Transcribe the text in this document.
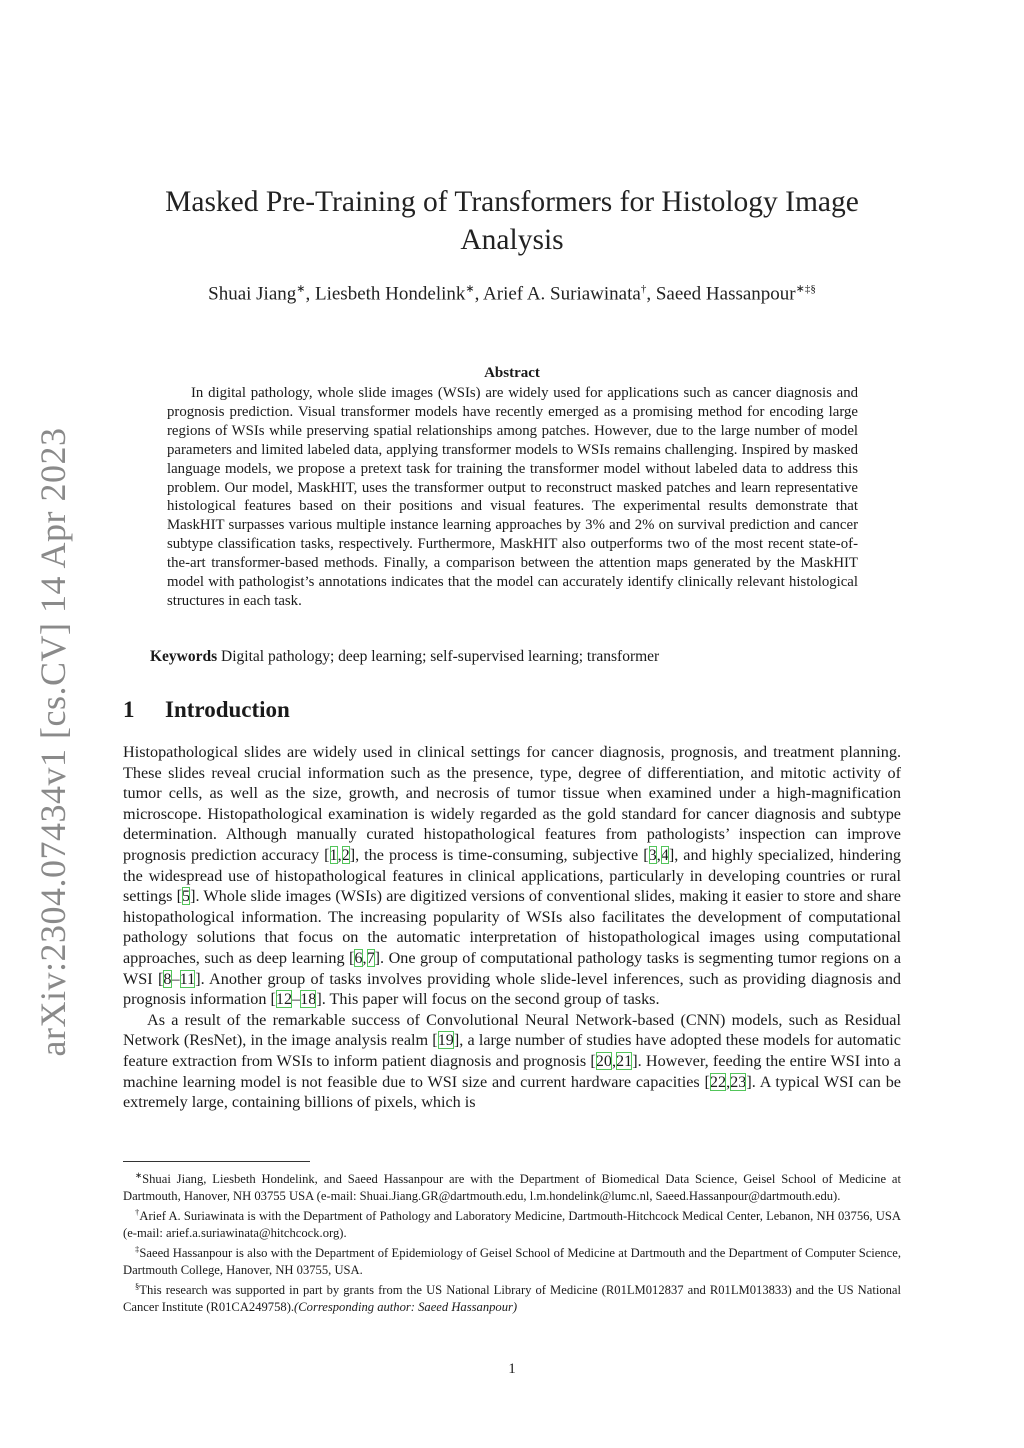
arXiv:2304.07434v1 [cs.CV] 14 Apr 2023
Masked Pre-Training of Transformers for Histology Image Analysis
Shuai Jiang∗, Liesbeth Hondelink∗, Arief A. Suriawinata†, Saeed Hassanpour∗‡§
Abstract
In digital pathology, whole slide images (WSIs) are widely used for applications such as cancer diagnosis and prognosis prediction. Visual transformer models have recently emerged as a promising method for encoding large regions of WSIs while preserving spatial relationships among patches. However, due to the large number of model parameters and limited labeled data, applying transformer models to WSIs remains challenging. Inspired by masked language models, we propose a pretext task for training the transformer model without labeled data to address this problem. Our model, MaskHIT, uses the transformer output to reconstruct masked patches and learn representative histological features based on their positions and visual features. The experimental results demonstrate that MaskHIT surpasses various multiple instance learning approaches by 3% and 2% on survival prediction and cancer subtype classification tasks, respectively. Furthermore, MaskHIT also outperforms two of the most recent state-of-the-art transformer-based methods. Finally, a comparison between the attention maps generated by the MaskHIT model with pathologist’s annotations indicates that the model can accurately identify clinically relevant histological structures in each task.
Keywords Digital pathology; deep learning; self-supervised learning; transformer
1 Introduction

Histopathological slides are widely used in clinical settings for cancer diagnosis, prognosis, and treatment planning. These slides reveal crucial information such as the presence, type, degree of differentiation, and mitotic activity of tumor cells, as well as the size, growth, and necrosis of tumor tissue when examined under a high-magnification microscope. Histopathological examination is widely regarded as the gold standard for cancer diagnosis and subtype determination. Although manually curated histopathological features from pathologists’ inspection can improve prognosis prediction accuracy [1,2], the process is time-consuming, subjective [3,4], and highly specialized, hindering the widespread use of histopathological features in clinical applications, particularly in developing countries or rural settings [5]. Whole slide images (WSIs) are digitized versions of conventional slides, making it easier to store and share histopathological information. The increasing popularity of WSIs also facilitates the development of computational pathology solutions that focus on the automatic interpretation of histopathological images using computational approaches, such as deep learning [6,7]. One group of computational pathology tasks is segmenting tumor regions on a WSI [8–11]. Another group of tasks involves providing whole slide-level inferences, such as providing diagnosis and prognosis information [12–18]. This paper will focus on the second group of tasks.

As a result of the remarkable success of Convolutional Neural Network-based (CNN) models, such as Residual Network (ResNet), in the image analysis realm [19], a large number of studies have adopted these models for automatic feature extraction from WSIs to inform patient diagnosis and prognosis [20,21]. However, feeding the entire WSI into a machine learning model is not feasible due to WSI size and current hardware capacities [22,23]. A typical WSI can be extremely large, containing billions of pixels, which is

∗Shuai Jiang, Liesbeth Hondelink, and Saeed Hassanpour are with the Department of Biomedical Data Science, Geisel School of Medicine at Dartmouth, Hanover, NH 03755 USA (e-mail: Shuai.Jiang.GR@dartmouth.edu, l.m.hondelink@lumc.nl, Saeed.Hassanpour@dartmouth.edu).

†Arief A. Suriawinata is with the Department of Pathology and Laboratory Medicine, Dartmouth-Hitchcock Medical Center, Lebanon, NH 03756, USA (e-mail: arief.a.suriawinata@hitchcock.org).

‡Saeed Hassanpour is also with the Department of Epidemiology of Geisel School of Medicine at Dartmouth and the Department of Computer Science, Dartmouth College, Hanover, NH 03755, USA.

§This research was supported in part by grants from the US National Library of Medicine (R01LM012837 and R01LM013833) and the US National Cancer Institute (R01CA249758).(Corresponding author: Saeed Hassanpour)

1
